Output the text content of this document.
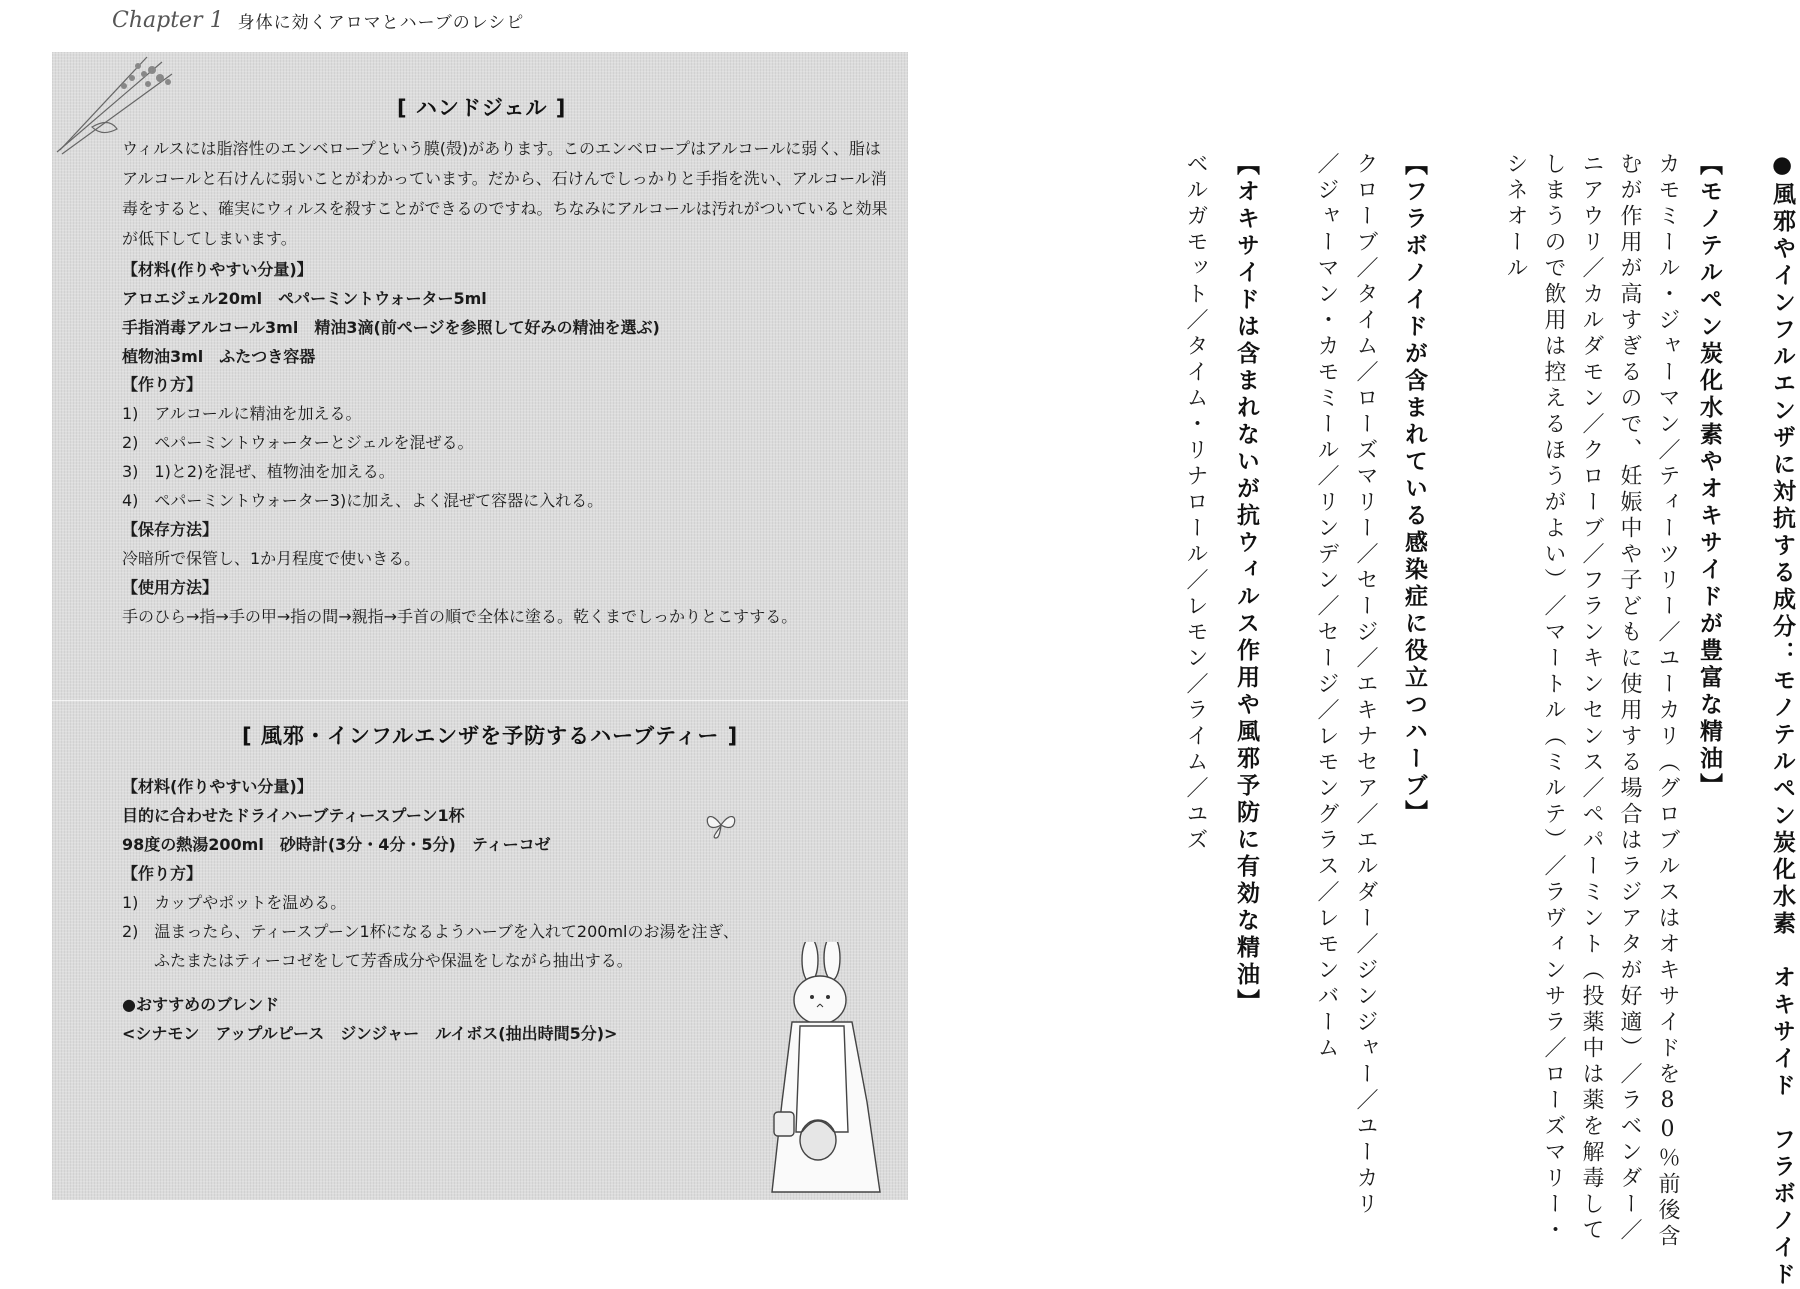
Chapter 1 身体に効くアロマとハーブのレシピ
[ ハンドジェル ]
ウィルスには脂溶性のエンベロープという膜(殻)があります。このエンベロープはアルコールに弱く、脂はアルコールと石けんに弱いことがわかっています。だから、石けんでしっかりと手指を洗い、アルコール消毒をすると、確実にウィルスを殺すことができるのですね。ちなみにアルコールは汚れがついていると効果が低下してしまいます。
【材料(作りやすい分量)】
アロエジェル20ml　ペパーミントウォーター5ml
手指消毒アルコール3ml　精油3滴(前ページを参照して好みの精油を選ぶ)
植物油3ml　ふたつき容器
【作り方】
1)　アルコールに精油を加える。
2)　ペパーミントウォーターとジェルを混ぜる。
3)　1)と2)を混ぜ、植物油を加える。
4)　ペパーミントウォーター3)に加え、よく混ぜて容器に入れる。
【保存方法】
冷暗所で保管し、1か月程度で使いきる。
【使用方法】
手のひら→指→手の甲→指の間→親指→手首の順で全体に塗る。乾くまでしっかりとこすする。
[ 風邪・インフルエンザを予防するハーブティー ]
【材料(作りやすい分量)】
目的に合わせたドライハーブティースプーン1杯
98度の熱湯200ml　砂時計(3分・4分・5分)　ティーコゼ
【作り方】
1)　カップやポットを温める。
2)　温まったら、ティースプーン1杯になるようハーブを入れて200mlのお湯を注ぎ、
　　ふたまたはティーコゼをして芳香成分や保温をしながら抽出する。
●おすすめのブレンド
<シナモン　アップルピース　ジンジャー　ルイボス(抽出時間5分)>	●風邪やインフルエンザに対抗する成分：モノテルペン炭化水素　オキサイド　フラボノイド
【モノテルペン炭化水素やオキサイドが豊富な精油】
カモミール・ジャーマン／ティーツリー／ユーカリ（グロブルスはオキサイドを80％前後含
むが作用が高すぎるので、妊娠中や子どもに使用する場合はラジアタが好適）／ラベンダー／
ニアウリ／カルダモン／クローブ／フランキンセンス／ペパーミント（投薬中は薬を解毒して
しまうので飲用は控えるほうがよい）／マートル（ミルテ）／ラヴィンサラ／ローズマリー・
シネオール
【フラボノイドが含まれている感染症に役立つハーブ】
クローブ／タイム／ローズマリー／セージ／エキナセア／エルダー／ジンジャー／ユーカリ
／ジャーマン・カモミール／リンデン／セージ／レモングラス／レモンバーム
【オキサイドは含まれないが抗ウィルス作用や風邪予防に有効な精油】
ベルガモット／タイム・リナロール／レモン／ライム／ユズ
